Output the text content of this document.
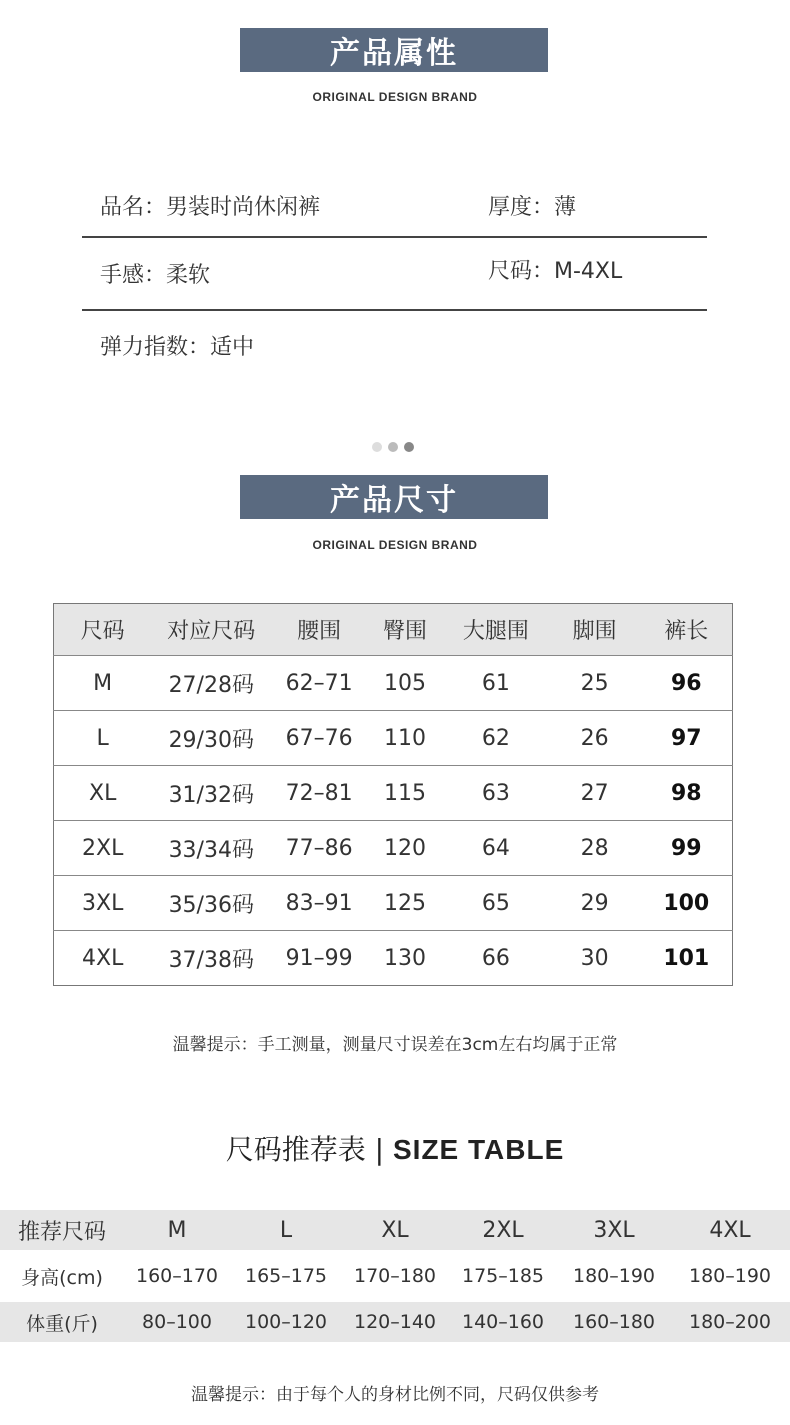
产品属性
ORIGINAL DESIGN BRAND
品名：男装时尚休闲裤	厚度：薄
手感：柔软	尺码：M-4XL
弹力指数：适中
产品尺寸
ORIGINAL DESIGN BRAND
尺码	对应尺码	腰围	臀围	大腿围	脚围	裤长
M	27/28码	62–71	105	61	25	96
L	29/30码	67–76	110	62	26	97
XL	31/32码	72–81	115	63	27	98
2XL	33/34码	77–86	120	64	28	99
3XL	35/36码	83–91	125	65	29	100
4XL	37/38码	91–99	130	66	30	101
温馨提示：手工测量，测量尺寸误差在3cm左右均属于正常
尺码推荐表 | SIZE TABLE
推荐尺码	M	L	XL	2XL	3XL	4XL
身高(cm)	160–170	165–175	170–180	175–185	180–190	180–190
体重(斤)	80–100	100–120	120–140	140–160	160–180	180–200
温馨提示：由于每个人的身材比例不同，尺码仅供参考
